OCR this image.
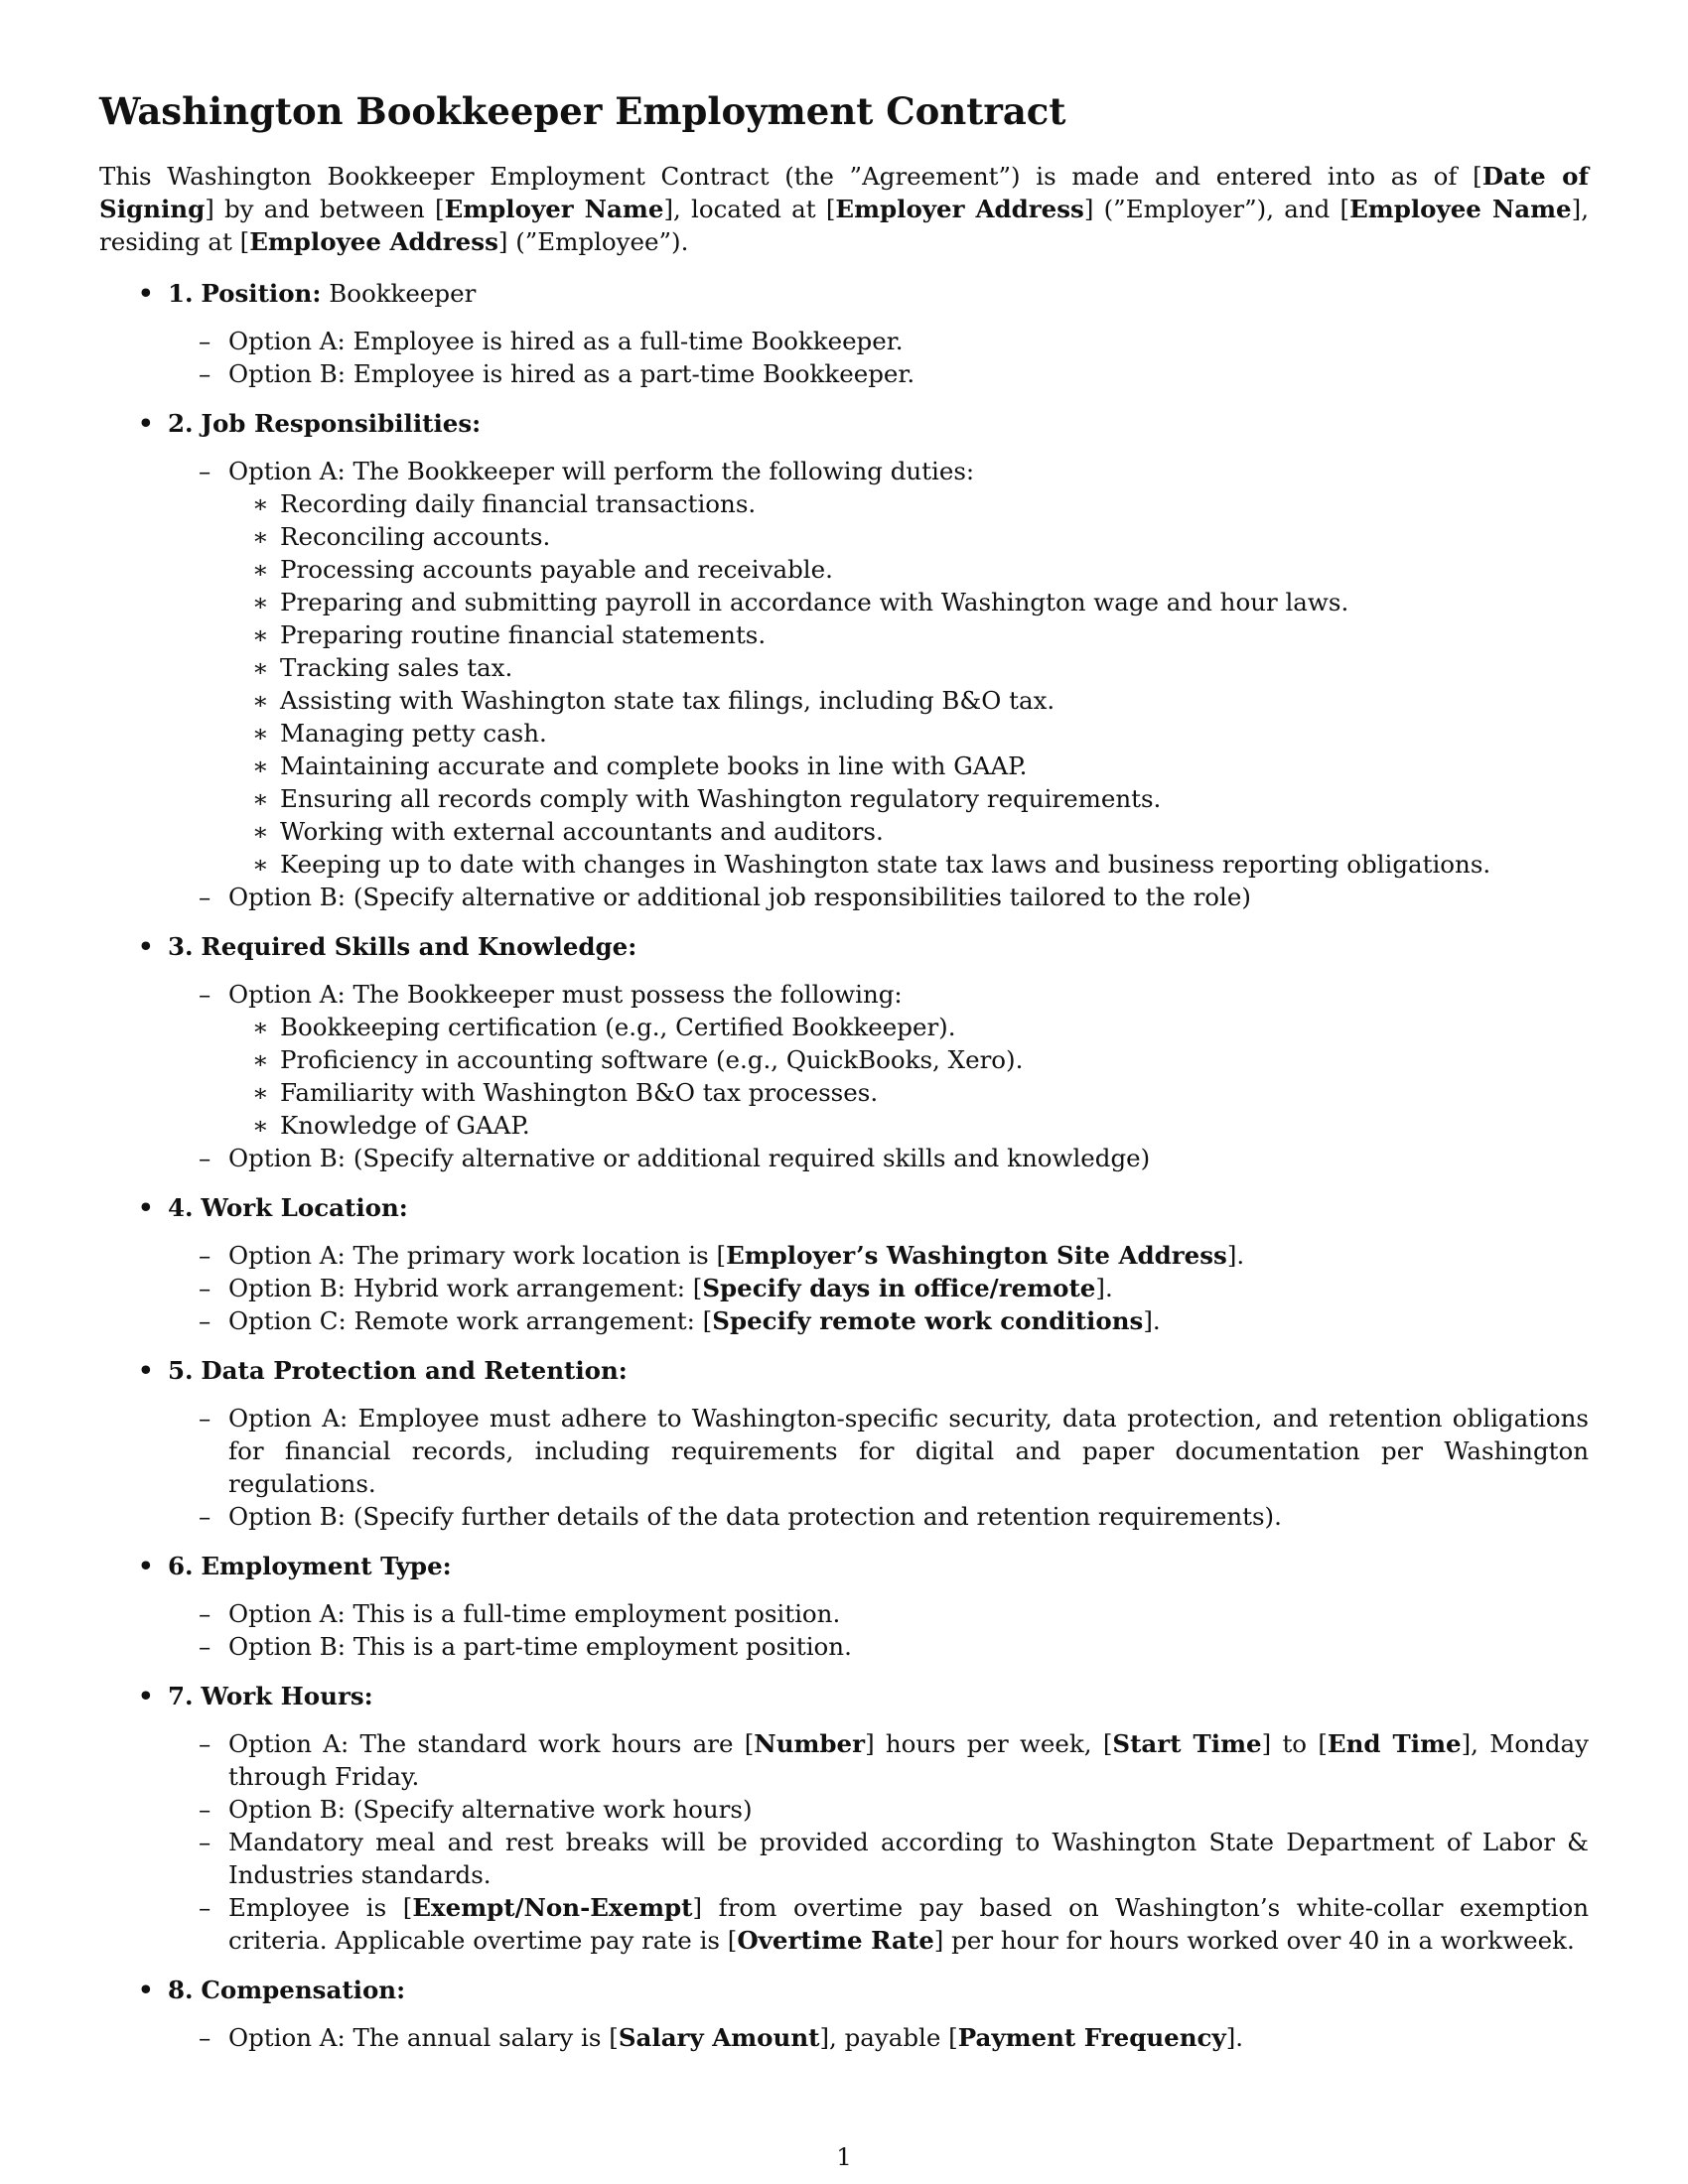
Washington Bookkeeper Employment Contract

This Washington Bookkeeper Employment Contract (the ”Agreement”) is made and entered into as of [Date of Signing] by and between [Employer Name], located at [Employer Address] (”Employer”), and [Employee Name], residing at [Employee Address] (”Employee”).

• 1. Position: Bookkeeper
– Option A: Employee is hired as a full-time Bookkeeper.
– Option B: Employee is hired as a part-time Bookkeeper.
• 2. Job Responsibilities:
– Option A: The Bookkeeper will perform the following duties:
∗ Recording daily financial transactions.
∗ Reconciling accounts.
∗ Processing accounts payable and receivable.
∗ Preparing and submitting payroll in accordance with Washington wage and hour laws.
∗ Preparing routine financial statements.
∗ Tracking sales tax.
∗ Assisting with Washington state tax filings, including B&O tax.
∗ Managing petty cash.
∗ Maintaining accurate and complete books in line with GAAP.
∗ Ensuring all records comply with Washington regulatory requirements.
∗ Working with external accountants and auditors.
∗ Keeping up to date with changes in Washington state tax laws and business reporting obligations.
– Option B: (Specify alternative or additional job responsibilities tailored to the role)
• 3. Required Skills and Knowledge:
– Option A: The Bookkeeper must possess the following:
∗ Bookkeeping certification (e.g., Certified Bookkeeper).
∗ Proficiency in accounting software (e.g., QuickBooks, Xero).
∗ Familiarity with Washington B&O tax processes.
∗ Knowledge of GAAP.
– Option B: (Specify alternative or additional required skills and knowledge)
• 4. Work Location:
– Option A: The primary work location is [Employer’s Washington Site Address].
– Option B: Hybrid work arrangement: [Specify days in office/remote].
– Option C: Remote work arrangement: [Specify remote work conditions].
• 5. Data Protection and Retention:
– Option A: Employee must adhere to Washington-specific security, data protection, and retention obligations for financial records, including requirements for digital and paper documentation per Washington regulations.
– Option B: (Specify further details of the data protection and retention requirements).
• 6. Employment Type:
– Option A: This is a full-time employment position.
– Option B: This is a part-time employment position.
• 7. Work Hours:
– Option A: The standard work hours are [Number] hours per week, [Start Time] to [End Time], Monday through Friday.
– Option B: (Specify alternative work hours)
– Mandatory meal and rest breaks will be provided according to Washington State Department of Labor & Industries standards.
– Employee is [Exempt/Non-Exempt] from overtime pay based on Washington’s white-collar exemption criteria. Applicable overtime pay rate is [Overtime Rate] per hour for hours worked over 40 in a workweek.
• 8. Compensation:
– Option A: The annual salary is [Salary Amount], payable [Payment Frequency].
1
